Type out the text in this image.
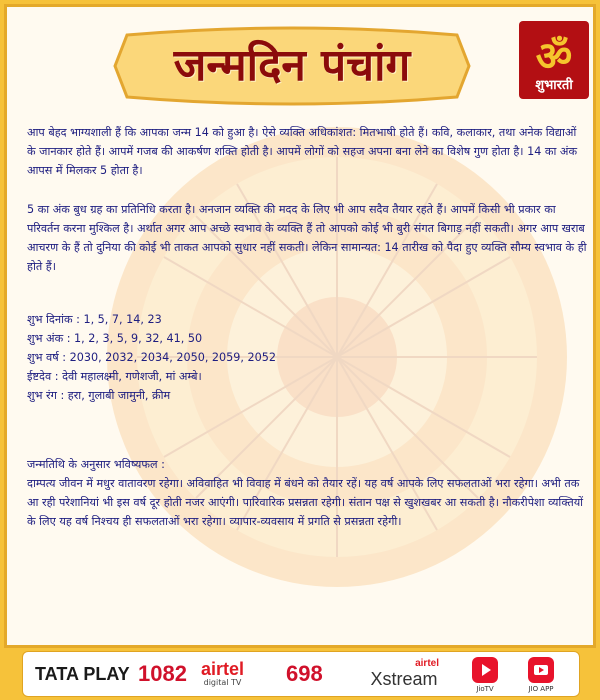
जन्मदिन पंचांग	ॐ
शुभारती

आप बेहद भाग्यशाली हैं कि आपका जन्म 14 को हुआ है। ऐसे व्यक्ति अधिकांशत: मितभाषी होते हैं। कवि, कलाकार, तथा अनेक विद्याओं के जानकार होते हैं। आपमें गजब की आकर्षण शक्ति होती है। आपमें लोगों को सहज अपना बना लेने का विशेष गुण होता है। 14 का अंक आपस में मिलकर 5 होता है।

5 का अंक बुध ग्रह का प्रतिनिधि करता है। अनजान व्यक्ति की मदद के लिए भी आप सदैव तैयार रहते हैं। आपमें किसी भी प्रकार का परिवर्तन करना मुश्किल है। अर्थात अगर आप अच्छे स्वभाव के व्यक्ति हैं तो आपको कोई भी बुरी संगत बिगाड़ नहीं सकती। अगर आप खराब आचरण के हैं तो दुनिया की कोई भी ताकत आपको सुधार नहीं सकती। लेकिन सामान्यत: 14 तारीख को पैदा हुए व्यक्ति सौम्य स्वभाव के ही होते हैं।

शुभ दिनांक : 1, 5, 7, 14, 23

शुभ अंक : 1, 2, 3, 5, 9, 32, 41, 50

शुभ वर्ष : 2030, 2032, 2034, 2050, 2059, 2052

ईष्टदेव : देवी महालक्ष्मी, गणेशजी, मां अम्बे।

शुभ रंग : हरा, गुलाबी जामुनी, क्रीम

जन्मतिथि के अनुसार भविष्यफल :

दाम्पत्य जीवन में मधुर वातावरण रहेगा। अविवाहित भी विवाह में बंधने को तैयार रहें। यह वर्ष आपके लिए सफलताओं भरा रहेगा। अभी तक आ रही परेशानियां भी इस वर्ष दूर होती नजर आएंगी। पारिवारिक प्रसन्नता रहेगी। संतान पक्ष से खुशखबर आ सकती है। नौकरीपेशा व्यक्तियों के लिए यह वर्ष निश्चय ही सफलताओं भरा रहेगा। व्यापार-व्यवसाय में प्रगति से प्रसन्नता रहेगी।

TATA PLAY 1082 airtel
digital TV 698	airtel
Xstream	JioTV	JIO APP
